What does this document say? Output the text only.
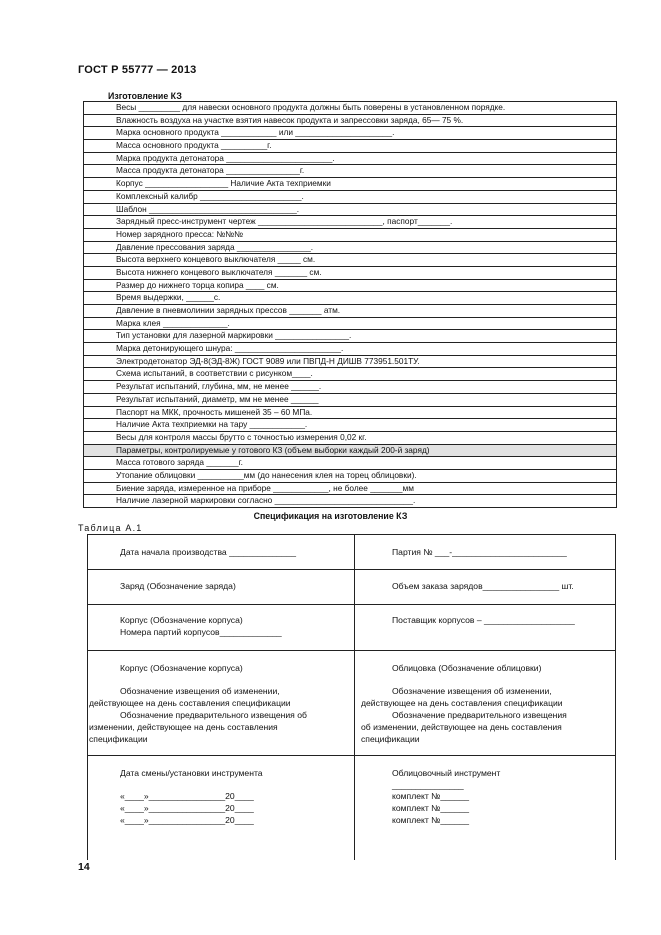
ГОСТ Р 55777 — 2013
Изготовление КЗ
Весы _________ для навески основного продукта должны быть поверены в установленном порядке.
Влажность воздуха на участке взятия навесок продукта и запрессовки заряда, 65— 75 %.
Марка основного продукта ____________ или _____________________.
Масса основного продукта __________г.
Марка продукта детонатора _______________________.
Масса продукта детонатора ________________г.
Корпус __________________ Наличие Акта техприемки
Комплексный калибр ______________________.
Шаблон ________________________________.
Зарядный пресс-инструмент чертеж ___________________________, паспорт_______.
Номер зарядного пресса: №№№
Давление прессования заряда ________________.
Высота верхнего концевого выключателя _____ см.
Высота нижнего концевого выключателя _______ см.
Размер до нижнего торца копира ____ см.
Время выдержки, ______с.
Давление в пневмолинии зарядных прессов _______ атм.
Марка клея ______________.
Тип установки для лазерной маркировки ________________.
Марка детонирующего шнура: _______________________.
Электродетонатор ЭД-8(ЭД-8Ж) ГОСТ 9089 или ПВПД-Н ДИШВ 773951.501ТУ.
Схема испытаний, в соответствии с рисунком____.
Результат испытаний, глубина, мм, не менее ______.
Результат испытаний, диаметр, мм не менее ______
Паспорт на МКК, прочность мишеней 35 – 60 МПа.
Наличие Акта техприемки на тару ____________.
Весы для контроля массы брутто с точностью измерения 0,02 кг.
Параметры, контролируемые у готового КЗ (объем выборки каждый 200-й заряд)
Масса готового заряда _______г.
Утопание облицовки __________мм (до нанесения клея на торец облицовки).
Биение заряда, измеренное на приборе ____________, не более _______мм
Наличие лазерной маркировки согласно ______________________________.
Спецификация на изготовление КЗ
Таблица А.1
Дата начала производства ______________	Партия № ___-________________________
Заряд (Обозначение заряда)	Объем заказа зарядов________________ шт.
Корпус (Обозначение корпуса)
Номера партий корпусов_____________
Поставщик корпусов – ___________________
Корпус (Обозначение корпуса)
Обозначение извещения об изменении,
действующее на день составления спецификации
Обозначение предварительного извещения об
изменении, действующее на день составления
спецификации
Облицовка (Обозначение облицовки)
Обозначение извещения об изменении,
действующее на день составления спецификации
Обозначение предварительного извещения
об изменении, действующее на день составления
спецификации
Дата смены/установки инструмента
«____»________________20____
«____»________________20____
«____»________________20____
Облицовочный инструмент
_______________
комплект №______
комплект №______
комплект №______
14
